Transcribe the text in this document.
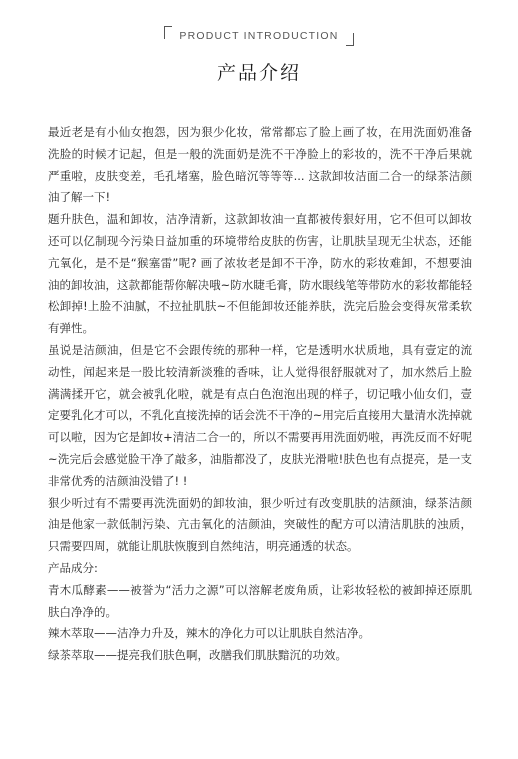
PRODUCT INTRODUCTION
产品介绍

最近老是有小仙女抱怨，因为狠少化妆，常常都忘了脸上画了妆，在用洗面奶准备洗脸的时候才记起，但是一般的洗面奶是洗不干净脸上的彩妆的，洗不干净后果就严重啦，皮肤变差，毛孔堵塞，脸色暗沉等等等... 这款卸妆洁面二合一的绿茶洁颜油了解一下!

题升肤色，温和卸妆，洁净清新，这款卸妆油一直都被传狠好用，它不但可以卸妆还可以亿制现今污染日益加重的环境带给皮肤的伤害，让肌肤呈现无尘状态，还能亢氧化，是不是“猴塞雷”呢? 画了浓妆老是卸不干净，防水的彩妆难卸，不想要油油的卸妆油，这款都能帮你解决哦~防水睫毛膏，防水眼线笔等带防水的彩妆都能轻松卸掉!上脸不油腻，不拉扯肌肤~不但能卸妆还能养肤，洗完后脸会变得灰常柔软有弹性。

虽说是洁颜油，但是它不会跟传统的那种一样，它是透明水状质地，具有壹定的流动性，闻起来是一股比较清新淡雅的香味，让人觉得很舒服就对了，加水然后上脸满满揉开它，就会被乳化啦，就是有点白色泡泡出现的样子，切记哦小仙女们，壹定要乳化才可以，不乳化直接洗掉的话会洗不干净的~用完后直接用大量清水洗掉就可以啦，因为它是卸妆+清洁二合一的，所以不需要再用洗面奶啦，再洗反而不好呢~洗完后会感觉脸干净了敲多，油脂都没了，皮肤光滑啦!肤色也有点提亮，是一支非常优秀的洁颜油没错了! !

狠少听过有不需要再洗洗面奶的卸妆油，狠少听过有改变肌肤的洁颜油，绿茶洁颜油是他家一款低制污染、亢击氧化的洁颜油，突破性的配方可以清洁肌肤的浊质，只需要四周，就能让肌肤恢腹到自然纯洁，明亮通透的状态。

产品成分:

青木瓜酵素——被誉为“活力之源”可以溶解老废角质，让彩妆轻松的被卸掉还原肌肤白净净的。

辣木萃取——洁净力升及，辣木的净化力可以让肌肤自然洁净。

绿茶萃取——提亮我们肤色啊，改膳我们肌肤黯沉的功效。
